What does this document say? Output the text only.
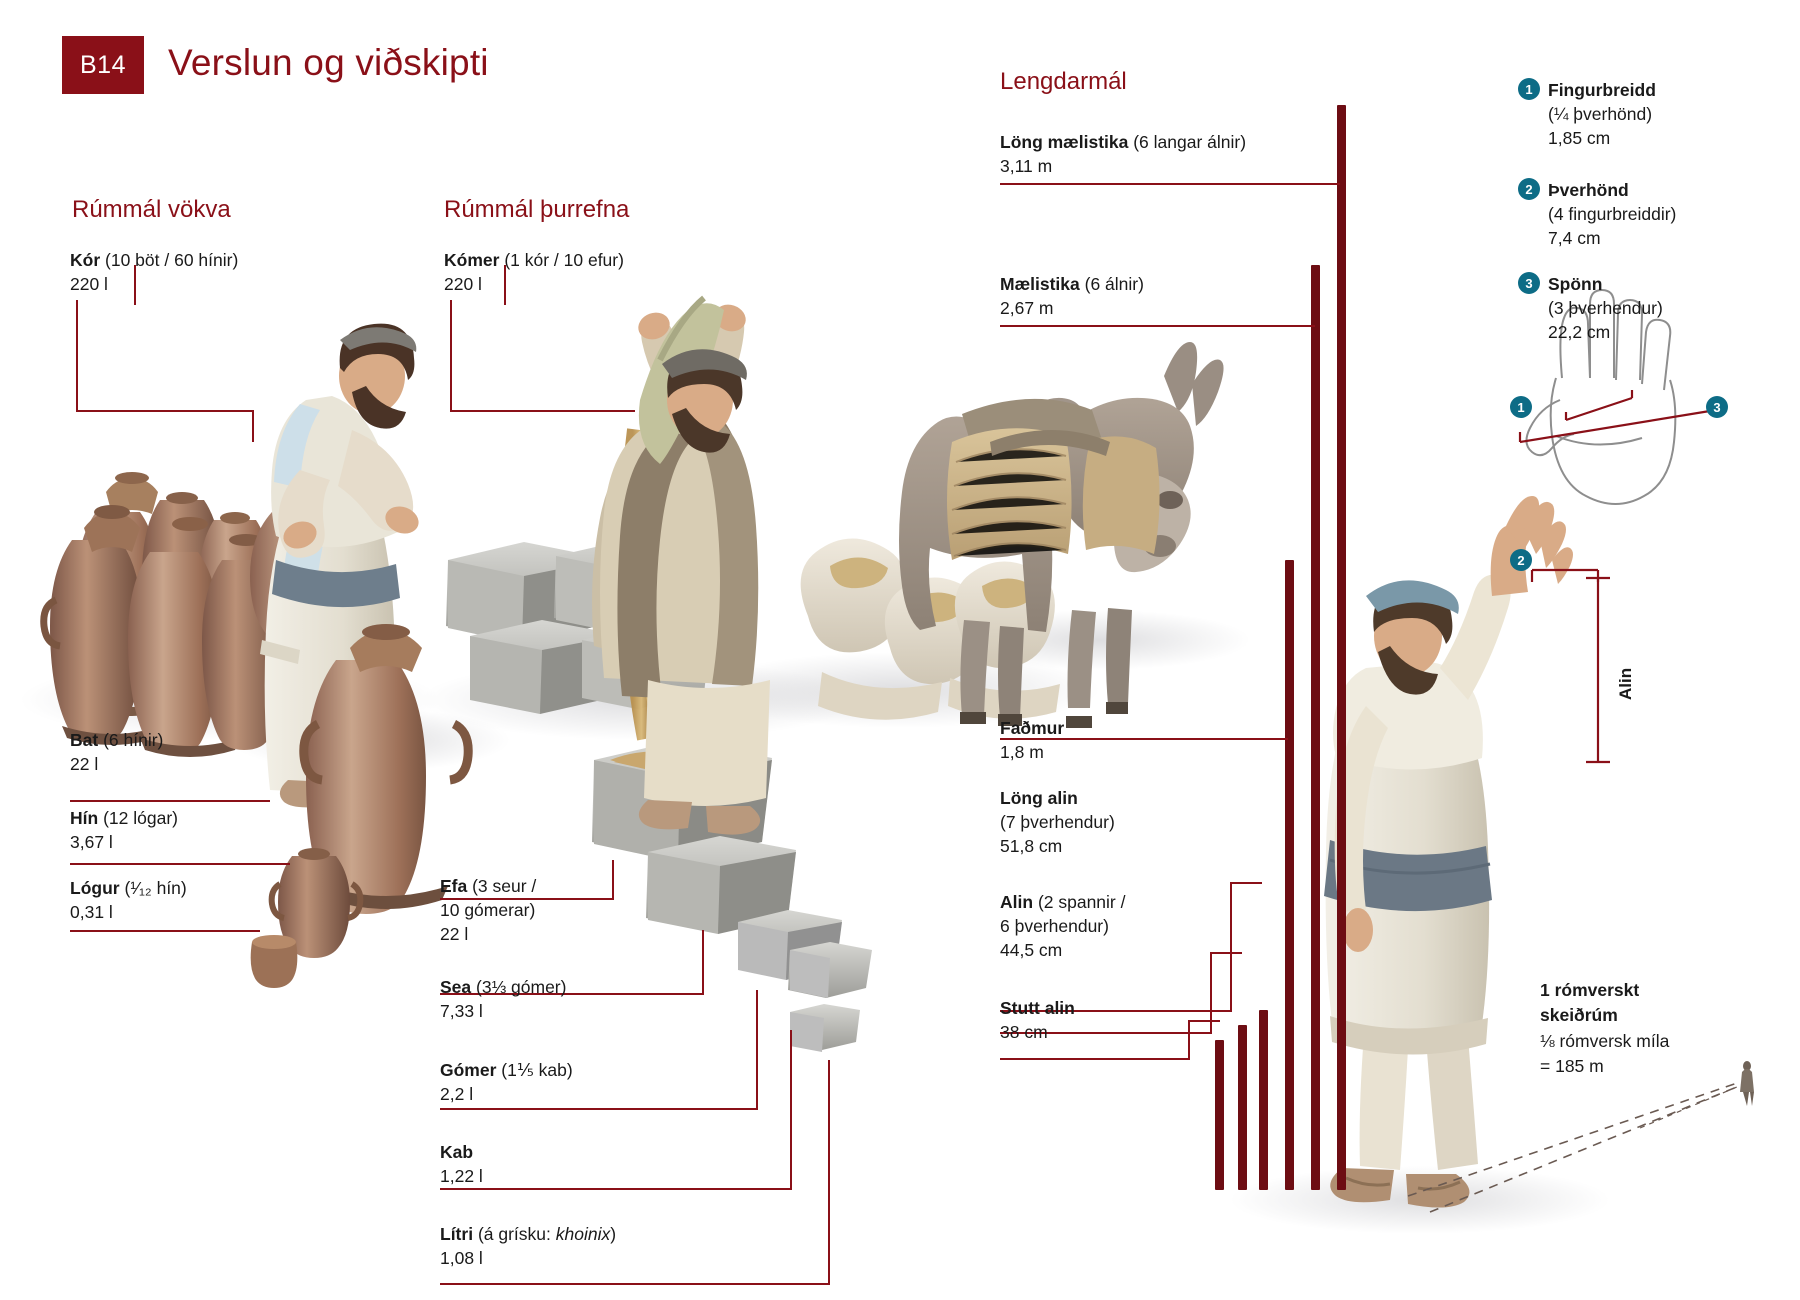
B14	Verslun og viðskipti
Rúmmál vökva	Rúmmál þurrefna
Lengdarmál
Kór (10 böt / 60 hínir)
220 l
Bat (6 hínir)
22 l
Hín (12 lógar)
3,67 l
Lógur (¹⁄₁₂ hín)
0,31 l
Kómer (1 kór / 10 efur)
220 l
Efa (3 seur /
10 gómerar)
22 l
Sea (3⅓ gómer)
7,33 l
Gómer (1⅕ kab)
2,2 l
Kab
1,22 l
Lítri (á grísku: khoinix)
1,08 l
Löng mælistika (6 langar álnir)
3,11 m
Mælistika (6 álnir)
2,67 m
Faðmur
1,8 m
Löng alin
(7 þverhendur)
51,8 cm
Alin (2 spannir /
6 þverhendur)
44,5 cm
Stutt alin
38 cm
1 Fingurbreidd
(¼ þverhönd)
1,85 cm
2 Þverhönd
(4 fingurbreiddir)
7,4 cm
3 Spönn
(3 þverhendur)
22,2 cm
1	3
2
Alin
1 rómverskt
skeiðrúm
⅛ rómversk míla
= 185 m
